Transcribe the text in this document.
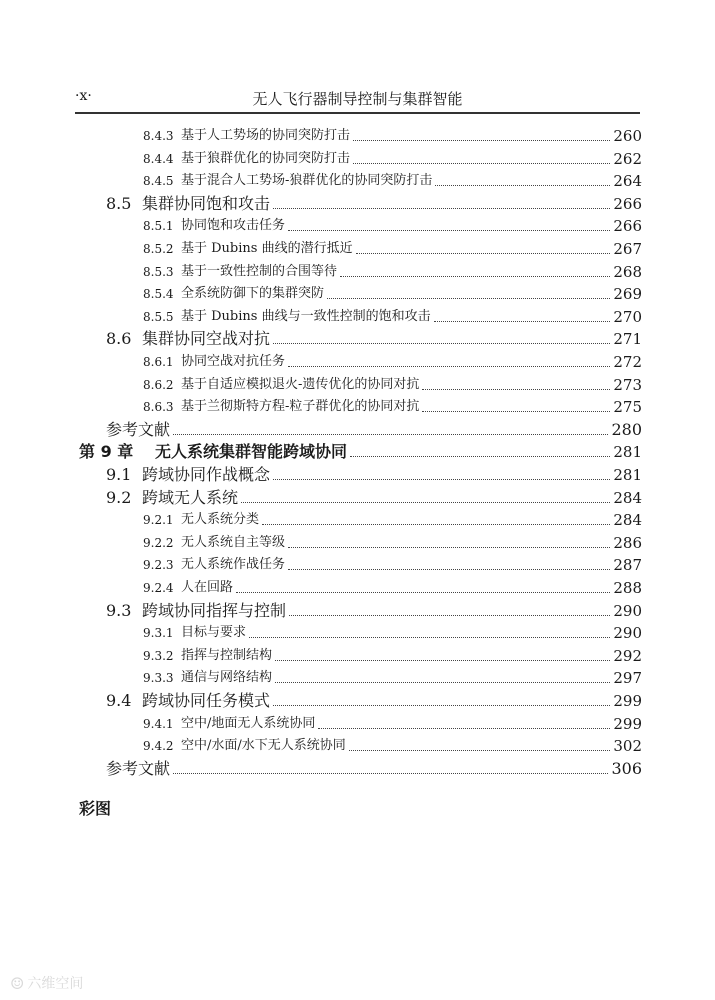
·x·	无人飞行器制导控制与集群智能
8.4.3 基于人工势场的协同突防打击	260
8.4.4 基于狼群优化的协同突防打击	262
8.4.5 基于混合人工势场-狼群优化的协同突防打击	264
8.5 集群协同饱和攻击	266
8.5.1 协同饱和攻击任务	266
8.5.2 基于 Dubins 曲线的潜行抵近	267
8.5.3 基于一致性控制的合围等待	268
8.5.4 全系统防御下的集群突防	269
8.5.5 基于 Dubins 曲线与一致性控制的饱和攻击	270
8.6 集群协同空战对抗	271
8.6.1 协同空战对抗任务	272
8.6.2 基于自适应模拟退火-遗传优化的协同对抗	273
8.6.3 基于兰彻斯特方程-粒子群优化的协同对抗	275
参考文献	280
第 9 章	无人系统集群智能跨域协同	281
9.1 跨域协同作战概念	281
9.2 跨域无人系统	284
9.2.1 无人系统分类	284
9.2.2 无人系统自主等级	286
9.2.3 无人系统作战任务	287
9.2.4 人在回路	288
9.3 跨域协同指挥与控制	290
9.3.1 目标与要求	290
9.3.2 指挥与控制结构	292
9.3.3 通信与网络结构	297
9.4 跨域协同任务模式	299
9.4.1 空中/地面无人系统协同	299
9.4.2 空中/水面/水下无人系统协同	302
参考文献	306
彩图
☺ 六维空间
